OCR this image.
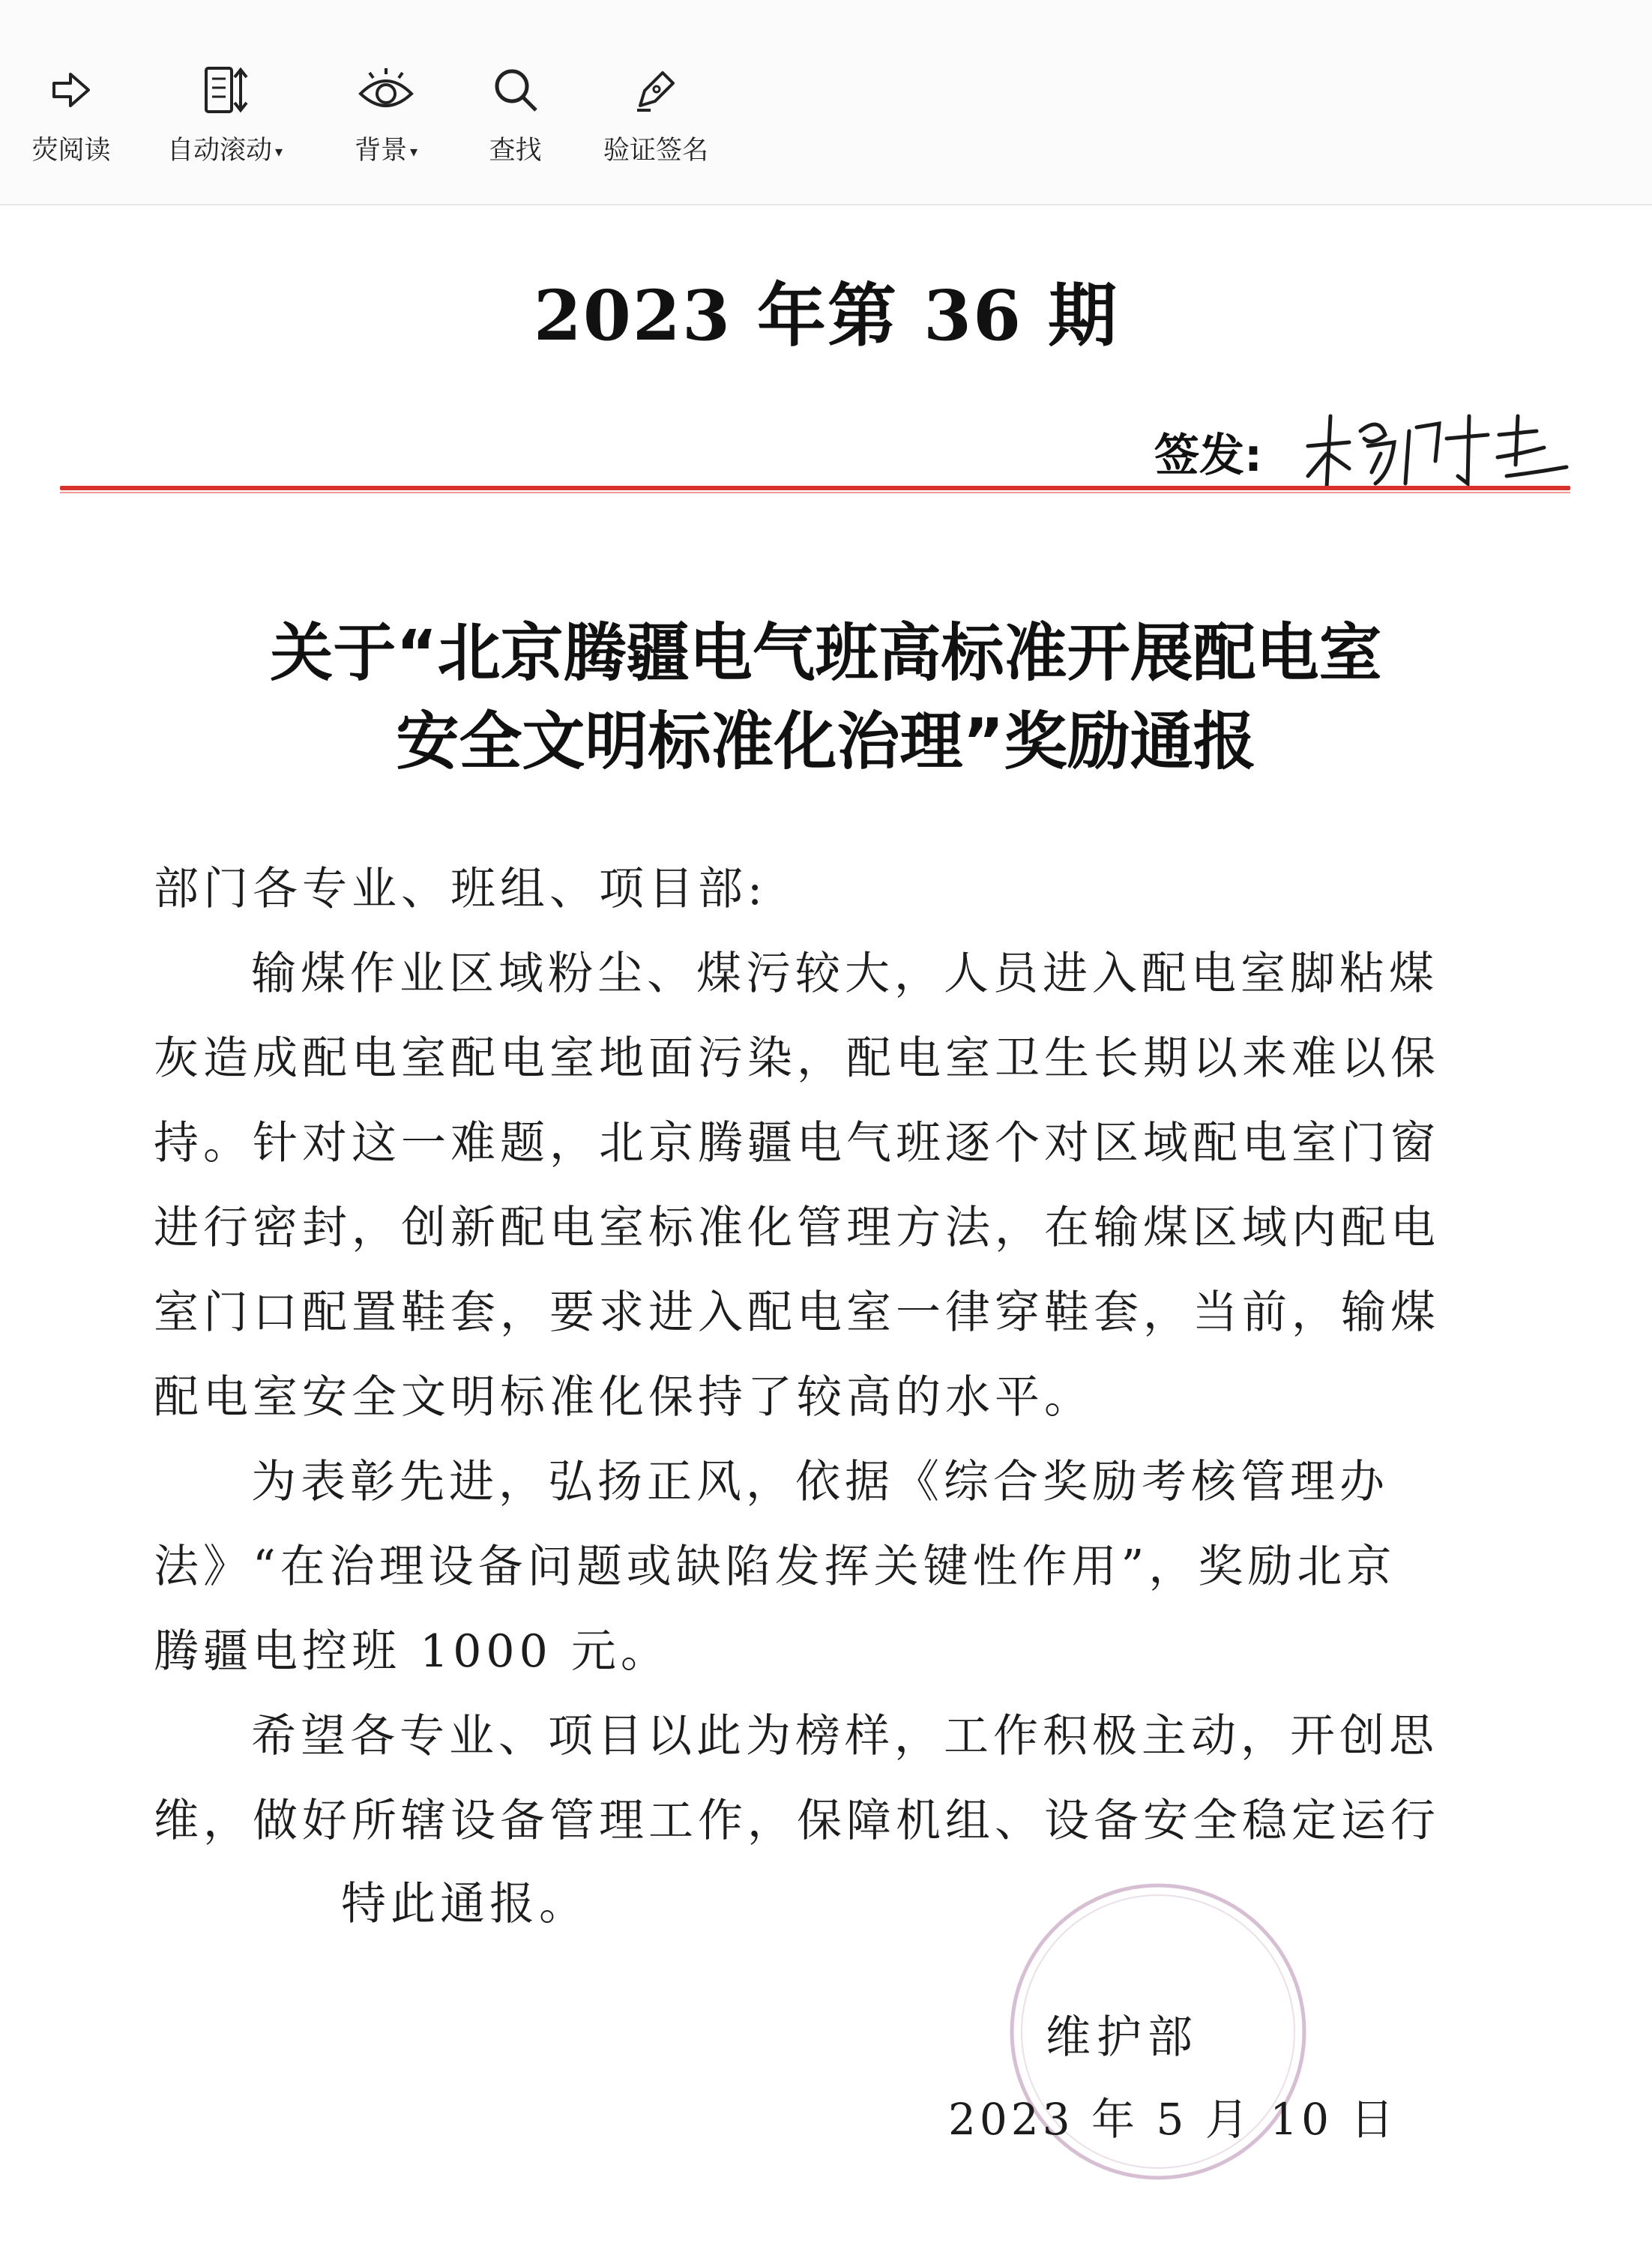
荧阅读	自动滚动 ▾	背景 ▾	查找	验证签名
2023 年第 36 期
签发:
关于“北京腾疆电气班高标准开展配电室
安全文明标准化治理”奖励通报

部门各专业、班组、项目部:

输煤作业区域粉尘、煤污较大，人员进入配电室脚粘煤灰造成配电室配电室地面污染，配电室卫生长期以来难以保持。针对这一难题，北京腾疆电气班逐个对区域配电室门窗进行密封，创新配电室标准化管理方法，在输煤区域内配电室门口配置鞋套，要求进入配电室一律穿鞋套，当前，输煤配电室安全文明标准化保持了较高的水平。

为表彰先进，弘扬正风，依据《综合奖励考核管理办法》“在治理设备问题或缺陷发挥关键性作用”，奖励北京腾疆电控班 1000 元。

希望各专业、项目以此为榜样，工作积极主动，开创思维，做好所辖设备管理工作，保障机组、设备安全稳定运行

特此通报。
维护部
2023 年 5 月 10 日
